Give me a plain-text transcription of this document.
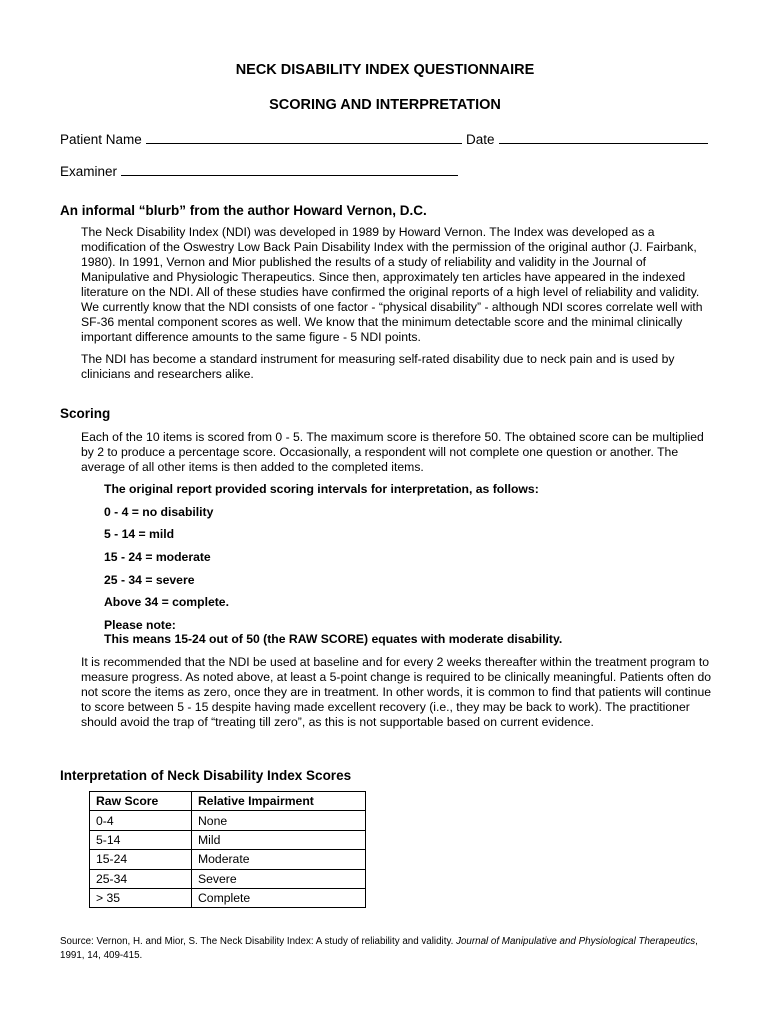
NECK DISABILITY INDEX QUESTIONNAIRE
SCORING AND INTERPRETATION
Patient Name	Date
Examiner
An informal “blurb” from the author Howard Vernon, D.C.

The Neck Disability Index (NDI) was developed in 1989 by Howard Vernon. The Index was developed as a modification of the Oswestry Low Back Pain Disability Index with the permission of the original author (J. Fairbank, 1980). In 1991, Vernon and Mior published the results of a study of reliability and validity in the Journal of Manipulative and Physiologic Therapeutics. Since then, approximately ten articles have appeared in the indexed literature on the NDI. All of these studies have confirmed the original reports of a high level of reliability and validity. We currently know that the NDI consists of one factor - “physical disability” - although NDI scores correlate well with SF-36 mental component scores as well. We know that the minimum detectable score and the minimal clinically important difference amounts to the same figure - 5 NDI points.

The NDI has become a standard instrument for measuring self-rated disability due to neck pain and is used by clinicians and researchers alike.

Scoring

Each of the 10 items is scored from 0 - 5. The maximum score is therefore 50. The obtained score can be multiplied by 2 to produce a percentage score. Occasionally, a respondent will not complete one question or another. The average of all other items is then added to the completed items.

The original report provided scoring intervals for interpretation, as follows:
0 - 4 = no disability
5 - 14 = mild
15 - 24 = moderate
25 - 34 = severe
Above 34 = complete.
Please note:
This means 15-24 out of 50 (the RAW SCORE) equates with moderate disability.

It is recommended that the NDI be used at baseline and for every 2 weeks thereafter within the treatment program to measure progress. As noted above, at least a 5-point change is required to be clinically meaningful. Patients often do not score the items as zero, once they are in treatment. In other words, it is common to find that patients will continue to score between 5 - 15 despite having made excellent recovery (i.e., they may be back to work). The practitioner should avoid the trap of “treating till zero”, as this is not supportable based on current evidence.

Interpretation of Neck Disability Index Scores
Raw Score	Relative Impairment
0-4	None
5-14	Mild
15-24	Moderate
25-34	Severe
> 35	Complete
Source: Vernon, H. and Mior, S. The Neck Disability Index: A study of reliability and validity. Journal of Manipulative and Physiological Therapeutics, 1991, 14, 409-415.
